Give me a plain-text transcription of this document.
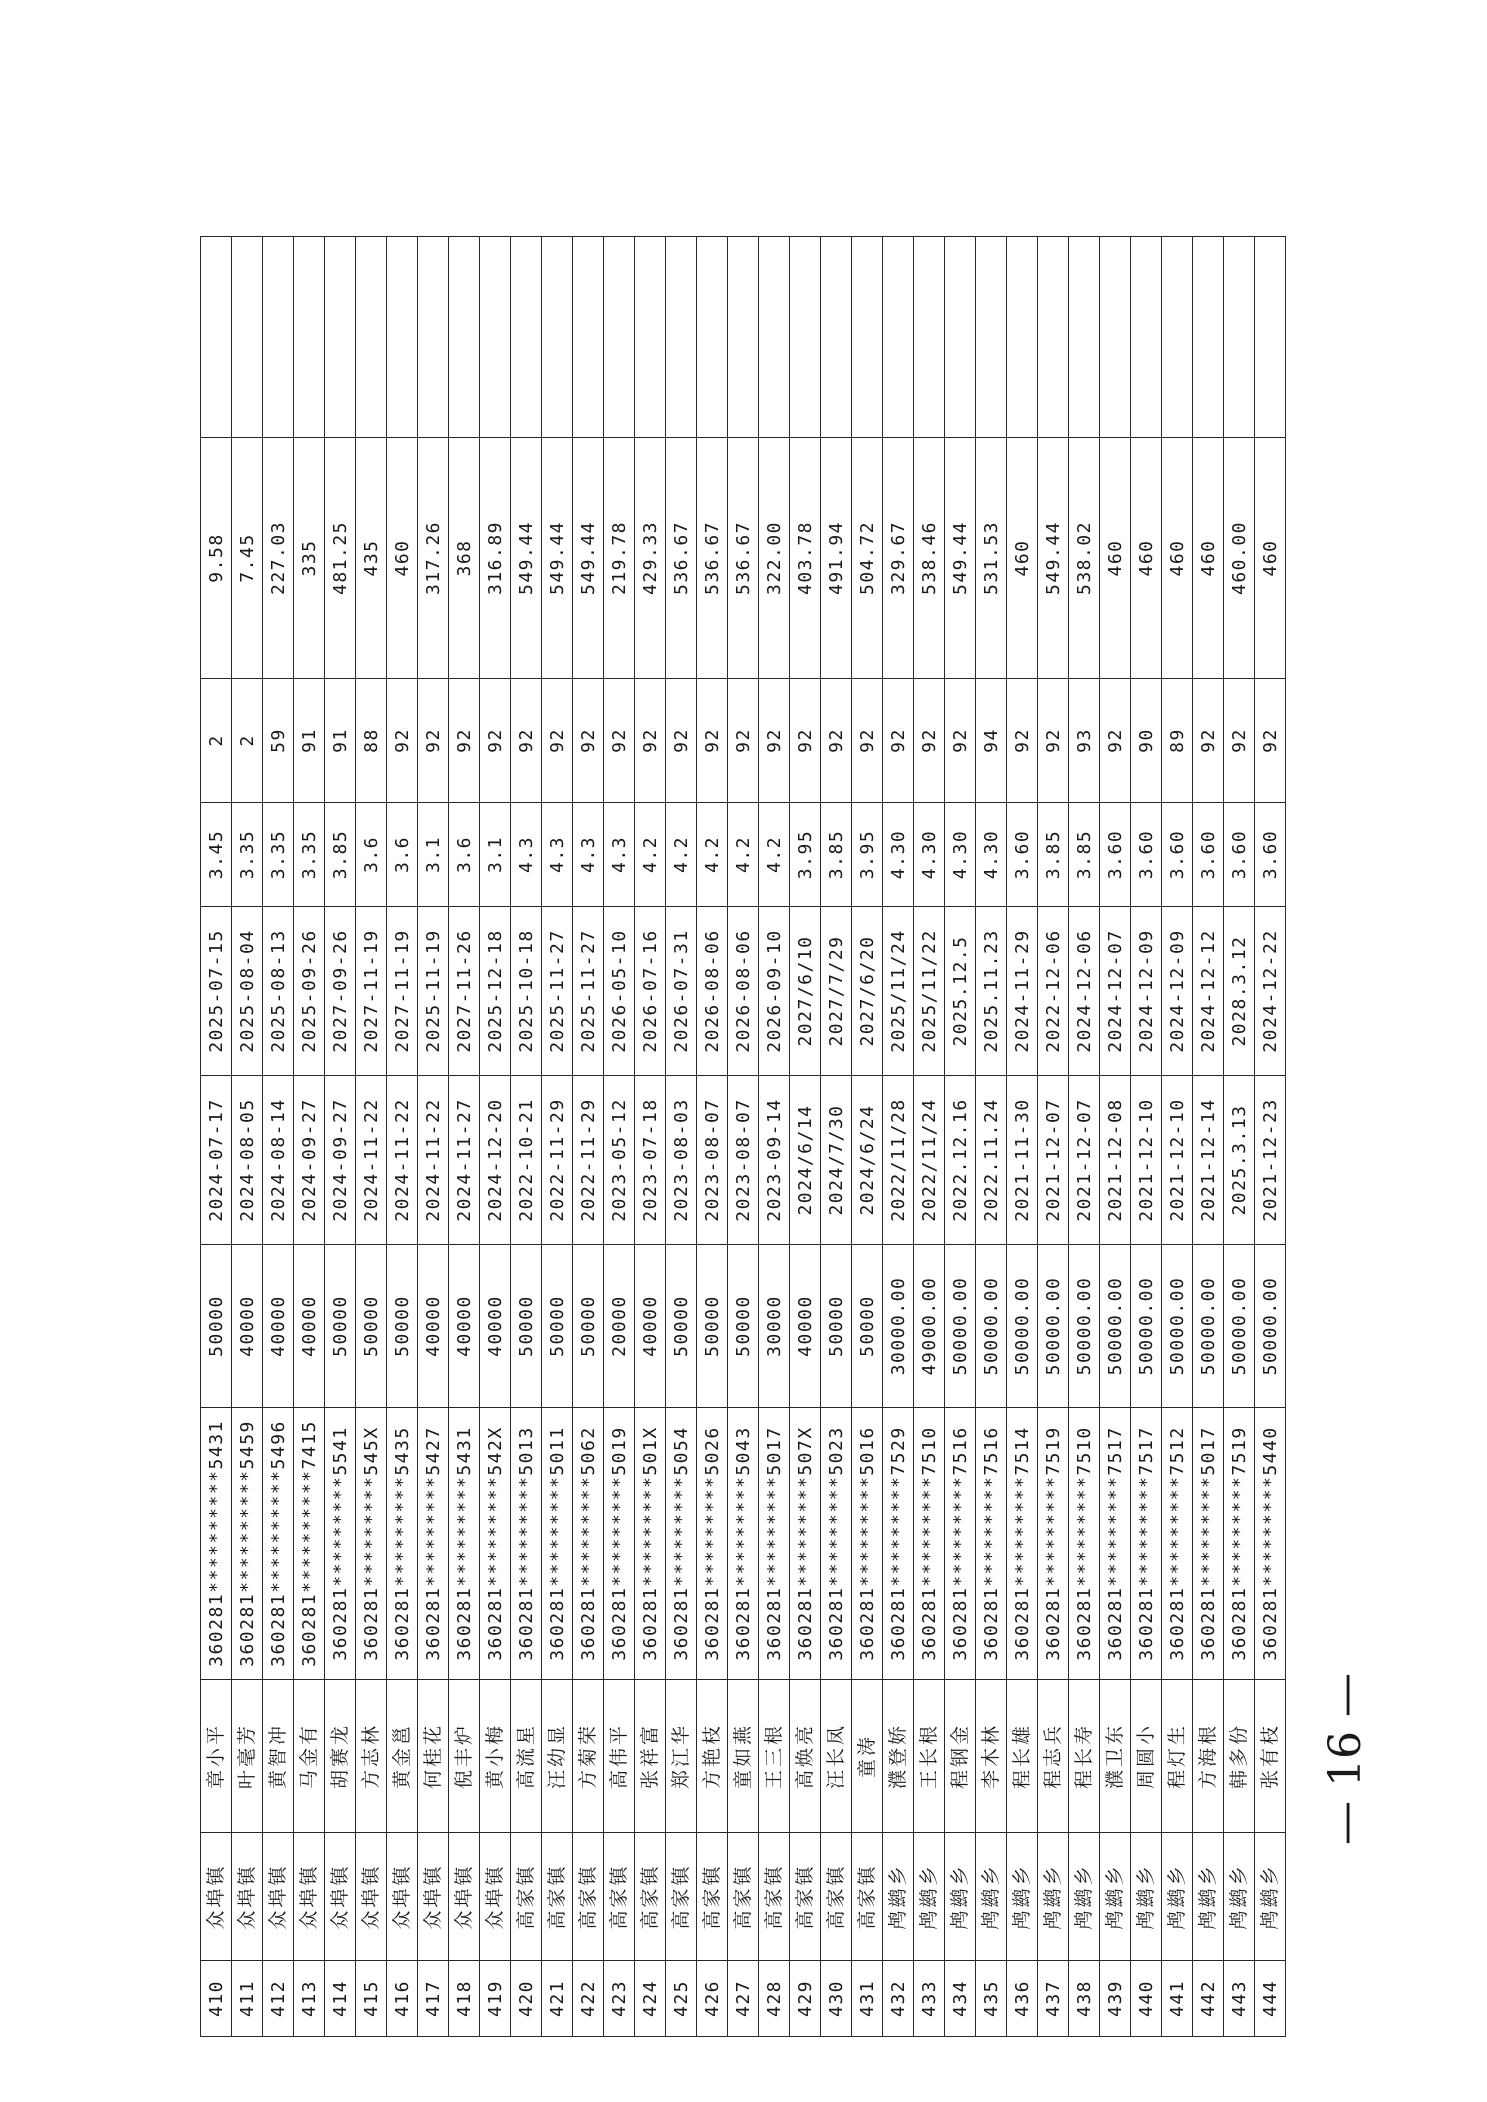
410	众埠镇	章小平	360281**********5431	50000	2024-07-17	2025-07-15	3.45	2	9.58	
411	众埠镇	叶毫芳	360281**********5459	40000	2024-08-05	2025-08-04	3.35	2	7.45	
412	众埠镇	黄智冲	360281**********5496	40000	2024-08-14	2025-08-13	3.35	59	227.03	
413	众埠镇	马金有	360281**********7415	40000	2024-09-27	2025-09-26	3.35	91	335	
414	众埠镇	胡赛龙	360281*********5541	50000	2024-09-27	2027-09-26	3.85	91	481.25	
415	众埠镇	方志林	360281*********545X	50000	2024-11-22	2027-11-19	3.6	88	435	
416	众埠镇	黄金邕	360281*********5435	50000	2024-11-22	2027-11-19	3.6	92	460	
417	众埠镇	何桂花	360281*********5427	40000	2024-11-22	2025-11-19	3.1	92	317.26	
418	众埠镇	倪丰炉	360281*********5431	40000	2024-11-27	2027-11-26	3.6	92	368	
419	众埠镇	黄小梅	360281*********542X	40000	2024-12-20	2025-12-18	3.1	92	316.89	
420	高家镇	高流星	360281*********5013	50000	2022-10-21	2025-10-18	4.3	92	549.44	
421	高家镇	汪幼显	360281*********5011	50000	2022-11-29	2025-11-27	4.3	92	549.44	
422	高家镇	方菊荣	360281*********5062	50000	2022-11-29	2025-11-27	4.3	92	549.44	
423	高家镇	高伟平	360281*********5019	20000	2023-05-12	2026-05-10	4.3	92	219.78	
424	高家镇	张祥富	360281*********501X	40000	2023-07-18	2026-07-16	4.2	92	429.33	
425	高家镇	郑江华	360281*********5054	50000	2023-08-03	2026-07-31	4.2	92	536.67	
426	高家镇	方艳枝	360281*********5026	50000	2023-08-07	2026-08-06	4.2	92	536.67	
427	高家镇	童如燕	360281*********5043	50000	2023-08-07	2026-08-06	4.2	92	536.67	
428	高家镇	王三根	360281*********5017	30000	2023-09-14	2026-09-10	4.2	92	322.00	
429	高家镇	高焕亮	360281*********507X	40000	2024/6/14	2027/6/10	3.95	92	403.78	
430	高家镇	汪长凤	360281*********5023	50000	2024/7/30	2027/7/29	3.85	92	491.94	
431	高家镇	童涛	360281*********5016	50000	2024/6/24	2027/6/20	3.95	92	504.72	
432	鸬鹚乡	濮登娇	360281*********7529	30000.00	2022/11/28	2025/11/24	4.30	92	329.67	
433	鸬鹚乡	王长根	360281*********7510	49000.00	2022/11/24	2025/11/22	4.30	92	538.46	
434	鸬鹚乡	程钢金	360281*********7516	50000.00	2022.12.16	2025.12.5	4.30	92	549.44	
435	鸬鹚乡	李木林	360281*********7516	50000.00	2022.11.24	2025.11.23	4.30	94	531.53	
436	鸬鹚乡	程长雄	360281*********7514	50000.00	2021-11-30	2024-11-29	3.60	92	460	
437	鸬鹚乡	程志兵	360281*********7519	50000.00	2021-12-07	2022-12-06	3.85	92	549.44	
438	鸬鹚乡	程长寿	360281*********7510	50000.00	2021-12-07	2024-12-06	3.85	93	538.02	
439	鸬鹚乡	濮卫东	360281*********7517	50000.00	2021-12-08	2024-12-07	3.60	92	460	
440	鸬鹚乡	周圆小	360281*********7517	50000.00	2021-12-10	2024-12-09	3.60	90	460	
441	鸬鹚乡	程灯生	360281*********7512	50000.00	2021-12-10	2024-12-09	3.60	89	460	
442	鸬鹚乡	方海根	360281*********5017	50000.00	2021-12-14	2024-12-12	3.60	92	460	
443	鸬鹚乡	韩多份	360281*********7519	50000.00	2025.3.13	2028.3.12	3.60	92	460.00	
444	鸬鹚乡	张有枝	360281*********5440	50000.00	2021-12-23	2024-12-22	3.60	92	460	
— 16 —
